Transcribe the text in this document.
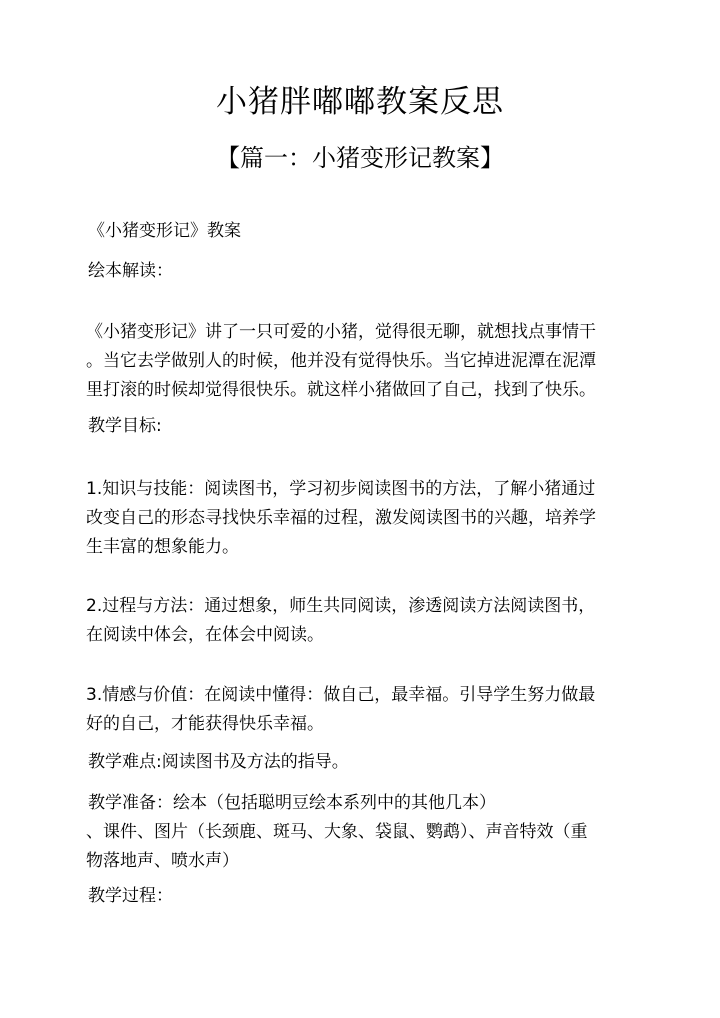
小猪胖嘟嘟教案反思
【篇一：小猪变形记教案】
《小猪变形记》教案
绘本解读：
《小猪变形记》讲了一只可爱的小猪，觉得很无聊，就想找点事情干
。当它去学做别人的时候，他并没有觉得快乐。当它掉进泥潭在泥潭
里打滚的时候却觉得很快乐。就这样小猪做回了自己，找到了快乐。
教学目标:
1.知识与技能：阅读图书，学习初步阅读图书的方法，了解小猪通过
改变自己的形态寻找快乐幸福的过程，激发阅读图书的兴趣，培养学
生丰富的想象能力。
2.过程与方法：通过想象，师生共同阅读，渗透阅读方法阅读图书，
在阅读中体会，在体会中阅读。
3.情感与价值：在阅读中懂得：做自己，最幸福。引导学生努力做最
好的自己，才能获得快乐幸福。
教学难点:阅读图书及方法的指导。
教学准备：绘本（包括聪明豆绘本系列中的其他几本）
、课件、图片（长颈鹿、斑马、大象、袋鼠、鹦鹉）、声音特效（重
物落地声、喷水声）
教学过程：
